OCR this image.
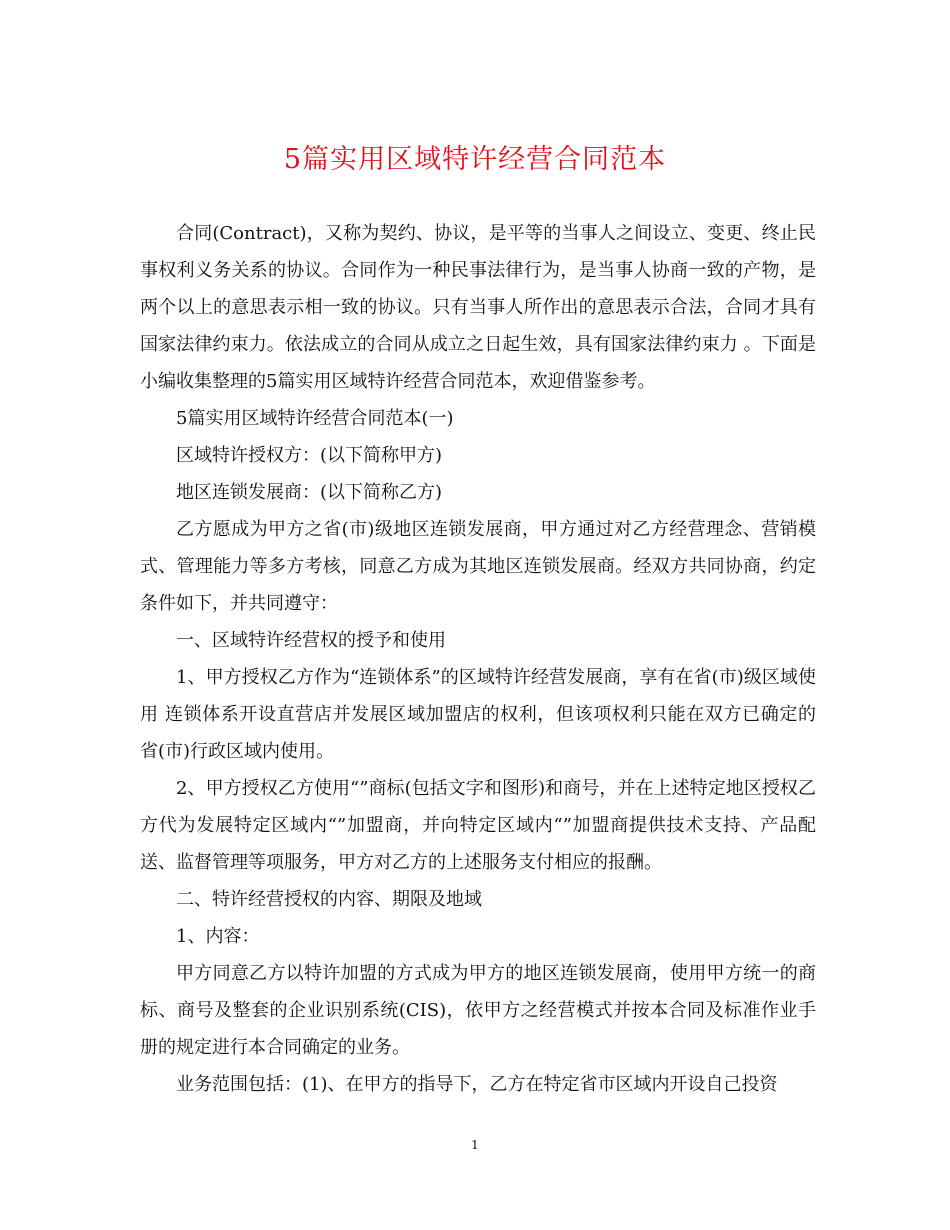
5篇实用区域特许经营合同范本

合同(Contract)，又称为契约、协议，是平等的当事人之间设立、变更、终止民事权利义务关系的协议。合同作为一种民事法律行为，是当事人协商一致的产物，是两个以上的意思表示相一致的协议。只有当事人所作出的意思表示合法，合同才具有国家法律约束力。依法成立的合同从成立之日起生效，具有国家法律约束力 。下面是小编收集整理的5篇实用区域特许经营合同范本，欢迎借鉴参考。

5篇实用区域特许经营合同范本(一)

区域特许授权方：(以下简称甲方)

地区连锁发展商：(以下简称乙方)

乙方愿成为甲方之省(市)级地区连锁发展商，甲方通过对乙方经营理念、营销模式、管理能力等多方考核，同意乙方成为其地区连锁发展商。经双方共同协商，约定条件如下，并共同遵守：

一、区域特许经营权的授予和使用

1、甲方授权乙方作为“连锁体系”的区域特许经营发展商，享有在省(市)级区域使用 连锁体系开设直营店并发展区域加盟店的权利，但该项权利只能在双方已确定的 省(市)行政区域内使用。

2、甲方授权乙方使用“”商标(包括文字和图形)和商号，并在上述特定地区授权乙方代为发展特定区域内“”加盟商，并向特定区域内“”加盟商提供技术支持、产品配送、监督管理等项服务，甲方对乙方的上述服务支付相应的报酬。

二、特许经营授权的内容、期限及地域

1、内容：

甲方同意乙方以特许加盟的方式成为甲方的地区连锁发展商，使用甲方统一的商标、商号及整套的企业识别系统(CIS)，依甲方之经营模式并按本合同及标准作业手册的规定进行本合同确定的业务。

业务范围包括：(1)、在甲方的指导下，乙方在特定省市区域内开设自己投资

1
